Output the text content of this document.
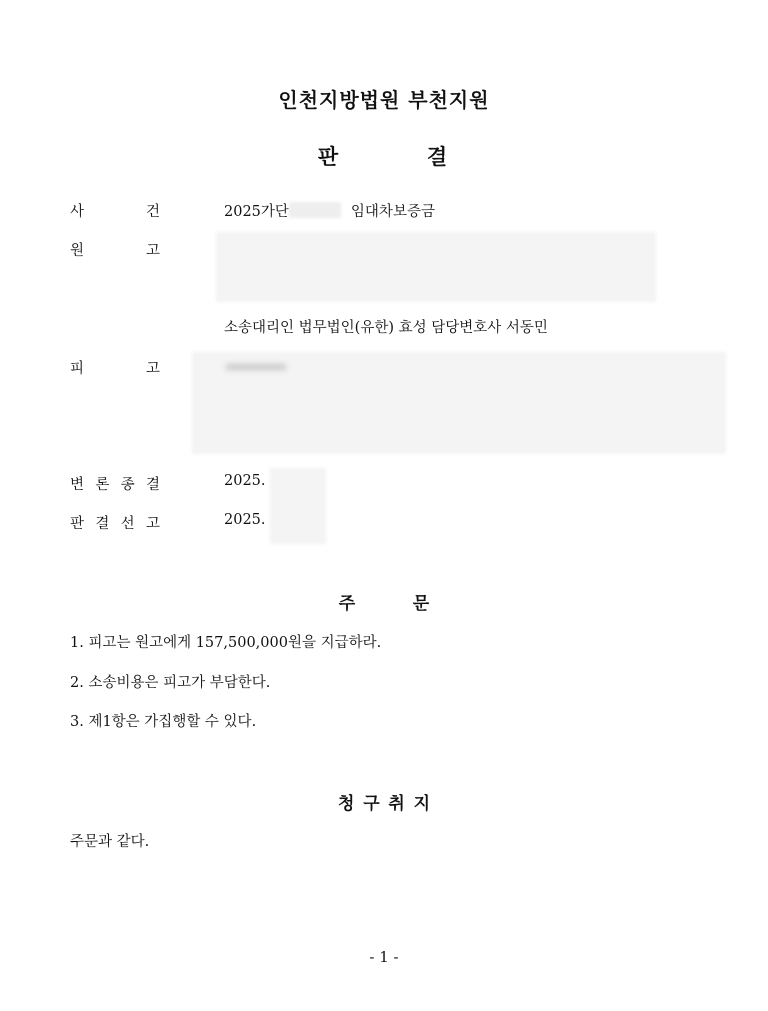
인천지방법원 부천지원
판	결
사	건	2025가단	임대차보증금
원	고
소송대리인 법무법인(유한) 효성 담당변호사 서동민
피	고
변 론 종 결	2025.
판 결 선 고	2025.
주	문
1. 피고는 원고에게 157,500,000원을 지급하라.
2. 소송비용은 피고가 부담한다.
3. 제1항은 가집행할 수 있다.
청 구 취 지
주문과 같다.
- 1 -
